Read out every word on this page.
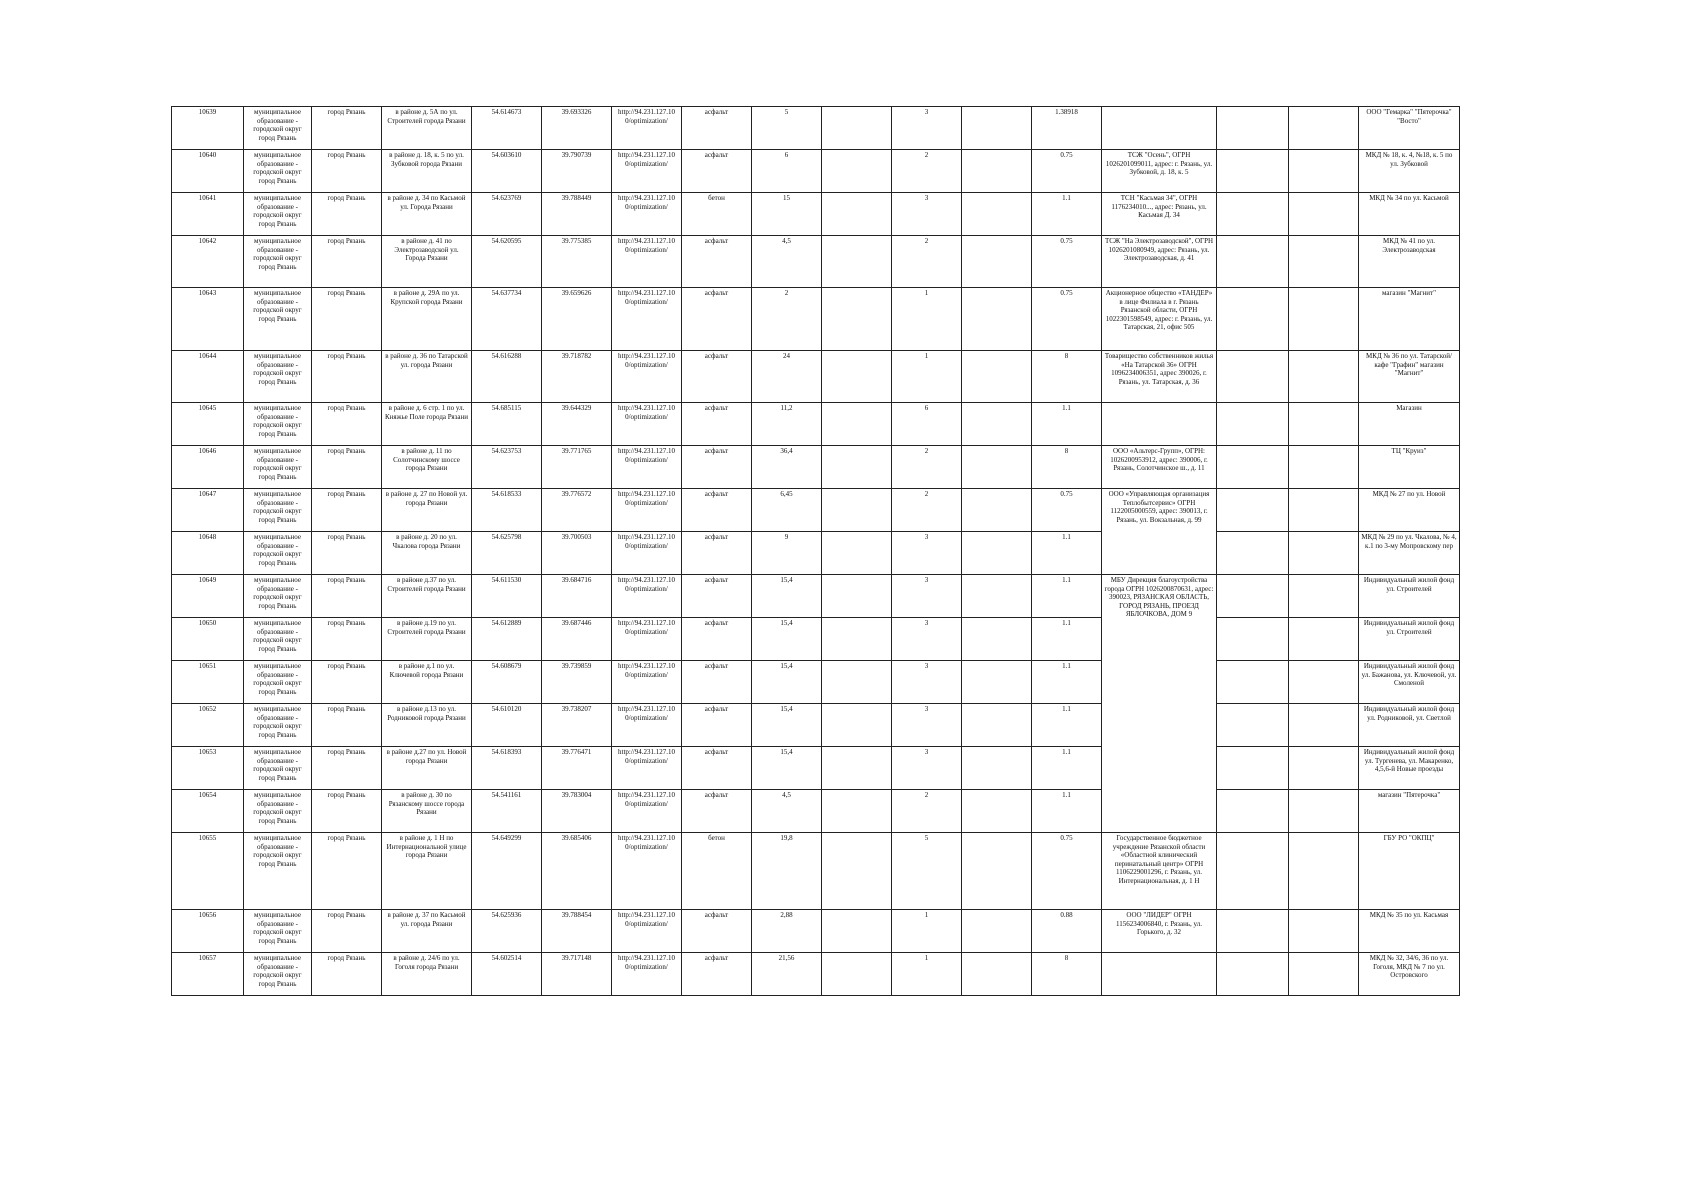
10639	муниципальное образование - городской округ город Рязань	город Рязань	в районе д. 5А по ул. Строителей города Рязани	54.614673	39.693326	http://94.231.127.10 0/optimization/	асфальт	5		3		1.38918				ООО "Гемарка" "Пятерочка" "Восто"
10640	муниципальное образование - городской округ город Рязань	город Рязань	в районе д. 18, к. 5 по ул. Зубковой города Рязани	54.603610	39.790739	http://94.231.127.10 0/optimization/	асфальт	6		2		0.75	ТСЖ "Осень", ОГРН 1026201099011, адрес: г. Рязань, ул. Зубковой, д. 18, к. 5			МКД № 18, к. 4, №18, к. 5 по ул. Зубковой
10641	муниципальное образование - городской округ город Рязань	город Рязань	в районе д. 34 по Касьмой ул. Города Рязани	54.623769	39.788449	http://94.231.127.10 0/optimization/	бетон	15		3		1.1	ТСН "Касьмая 34", ОГРН 1176234010..., адрес: Рязань, ул. Касьмая Д. 34			МКД № 34 по ул. Касьмой
10642	муниципальное образование - городской округ город Рязань	город Рязань	в районе д. 41 по Электрозаводской ул. Города Рязани	54.620595	39.775385	http://94.231.127.10 0/optimization/	асфальт	4,5		2		0.75	ТСЖ "На Электрозаводской", ОГРН 1026201080949, адрес: Рязань, ул. Электрозаводская, д. 41			МКД № 41 по ул. Электрозаводская
10643	муниципальное образование - городской округ город Рязань	город Рязань	в районе д. 29А по ул. Крупской города Рязани	54.637734	39.659626	http://94.231.127.10 0/optimization/	асфальт	2		1		0.75	Акционерное общество «ТАНДЕР» в лице Филиала в г. Рязань Рязанской области, ОГРН 1022301598549, адрес: г. Рязань, ул. Татарская, 21, офис 505			магазин "Магнит"
10644	муниципальное образование - городской округ город Рязань	город Рязань	в районе д. 36 по Татарской ул. города Рязани	54.616288	39.718782	http://94.231.127.10 0/optimization/	асфальт	24		1		8	Товарищество собственников жилья «На Татарской 36» ОГРН 1096234006351, адрес 390026, г. Рязань, ул. Татарская, д. 36			МКД № 36 по ул. Татарской/ кафе "Графин" магазин "Магнит"
10645	муниципальное образование - городской округ город Рязань	город Рязань	в районе д. 6 стр. 1 по ул. Княжье Поле города Рязани	54.685115	39.644329	http://94.231.127.10 0/optimization/	асфальт	11,2		6		1.1				Магазин
10646	муниципальное образование - городской округ город Рязань	город Рязань	в районе д. 11 по Солотчинскому шоссе города Рязани	54.623753	39.771765	http://94.231.127.10 0/optimization/	асфальт	36,4		2		8	ООО «Альтерс-Групп», ОГРН: 1026200953912, адрес: 390006, г. Рязань, Солотчинское ш., д. 11			ТЦ "Круиз"
10647	муниципальное образование - городской округ город Рязань	город Рязань	в районе д. 27 по Новой ул. города Рязани	54.618533	39.776572	http://94.231.127.10 0/optimization/	асфальт	6,45		2		0.75	ООО «Управляющая организация Теплобытсервис» ОГРН 1122005000559, адрес: 390013, г. Рязань, ул. Вокзальная, д. 99			МКД № 27 по ул. Новой
10648	муниципальное образование - городской округ город Рязань	город Рязань	в районе д. 20 по ул. Чкалова города Рязани	54.625798	39.700503	http://94.231.127.10 0/optimization/	асфальт	9		3		1.1				МКД № 29 по ул. Чкалова, № 4, к.1 по 3-му Мопровскому пер
10649	муниципальное образование - городской округ город Рязань	город Рязань	в районе д.37 по ул. Строителей города Рязани	54.611530	39.684716	http://94.231.127.10 0/optimization/	асфальт	15,4		3		1.1	МБУ Дирекция благоустройства города ОГРН 1026200870631, адрес: 390023, РЯЗАНСКАЯ ОБЛАСТЬ, ГОРОД РЯЗАНЬ, ПРОЕЗД ЯБЛОЧКОВА, ДОМ 9			Индивидуальный жилой фонд ул. Строителей
10650	муниципальное образование - городской округ город Рязань	город Рязань	в районе д.19 по ул. Строителей города Рязани	54.612889	39.687446	http://94.231.127.10 0/optimization/	асфальт	15,4		3		1.1				Индивидуальный жилой фонд ул. Строителей
10651	муниципальное образование - городской округ город Рязань	город Рязань	в районе д.1 по ул. Ключевой города Рязани	54.608679	39.739859	http://94.231.127.10 0/optimization/	асфальт	15,4		3		1.1				Индивидуальный жилой фонд ул. Бажанова, ул. Ключевой, ул. Смоленой
10652	муниципальное образование - городской округ город Рязань	город Рязань	в районе д.13 по ул. Родниковой города Рязани	54.610120	39.738207	http://94.231.127.10 0/optimization/	асфальт	15,4		3		1.1				Индивидуальный жилой фонд ул. Родниковой, ул. Светлой
10653	муниципальное образование - городской округ город Рязань	город Рязань	в районе д.27 по ул. Новой города Рязани	54.618393	39.776471	http://94.231.127.10 0/optimization/	асфальт	15,4		3		1.1				Индивидуальный жилой фонд ул. Тургенева, ул. Макаренко, 4,5,6-й Новые проезды
10654	муниципальное образование - городской округ город Рязань	город Рязань	в районе д. 30 по Рязанскому шоссе города Рязани	54.541161	39.783004	http://94.231.127.10 0/optimization/	асфальт	4,5		2		1.1				магазин "Пятерочка"
10655	муниципальное образование - городской округ город Рязань	город Рязань	в районе д. 1 Н по Интернациональной улице города Рязани	54.649299	39.685406	http://94.231.127.10 0/optimization/	бетон	19,8		5		0.75	Государственное бюджетное учреждение Рязанской области «Областной клинический перинатальный центр» ОГРН 1106229001296, г. Рязань, ул. Интернациональная, д. 1 Н			ГБУ РО "ОКПЦ"
10656	муниципальное образование - городской округ город Рязань	город Рязань	в районе д. 37 по Касьмой ул. города Рязани	54.625936	39.788454	http://94.231.127.10 0/optimization/	асфальт	2,88		1		0.88	ООО "ЛИДЕР" ОГРН 1156234006840, г. Рязань, ул. Горького, д. 32			МКД № 35 по ул. Касьмая
10657	муниципальное образование - городской округ город Рязань	город Рязань	в районе д. 24/6 по ул. Гоголя города Рязани	54.602514	39.717148	http://94.231.127.10 0/optimization/	асфальт	21,56		1		8				МКД № 32, 34/6, 36 по ул. Гоголя, МКД № 7 по ул. Островского
